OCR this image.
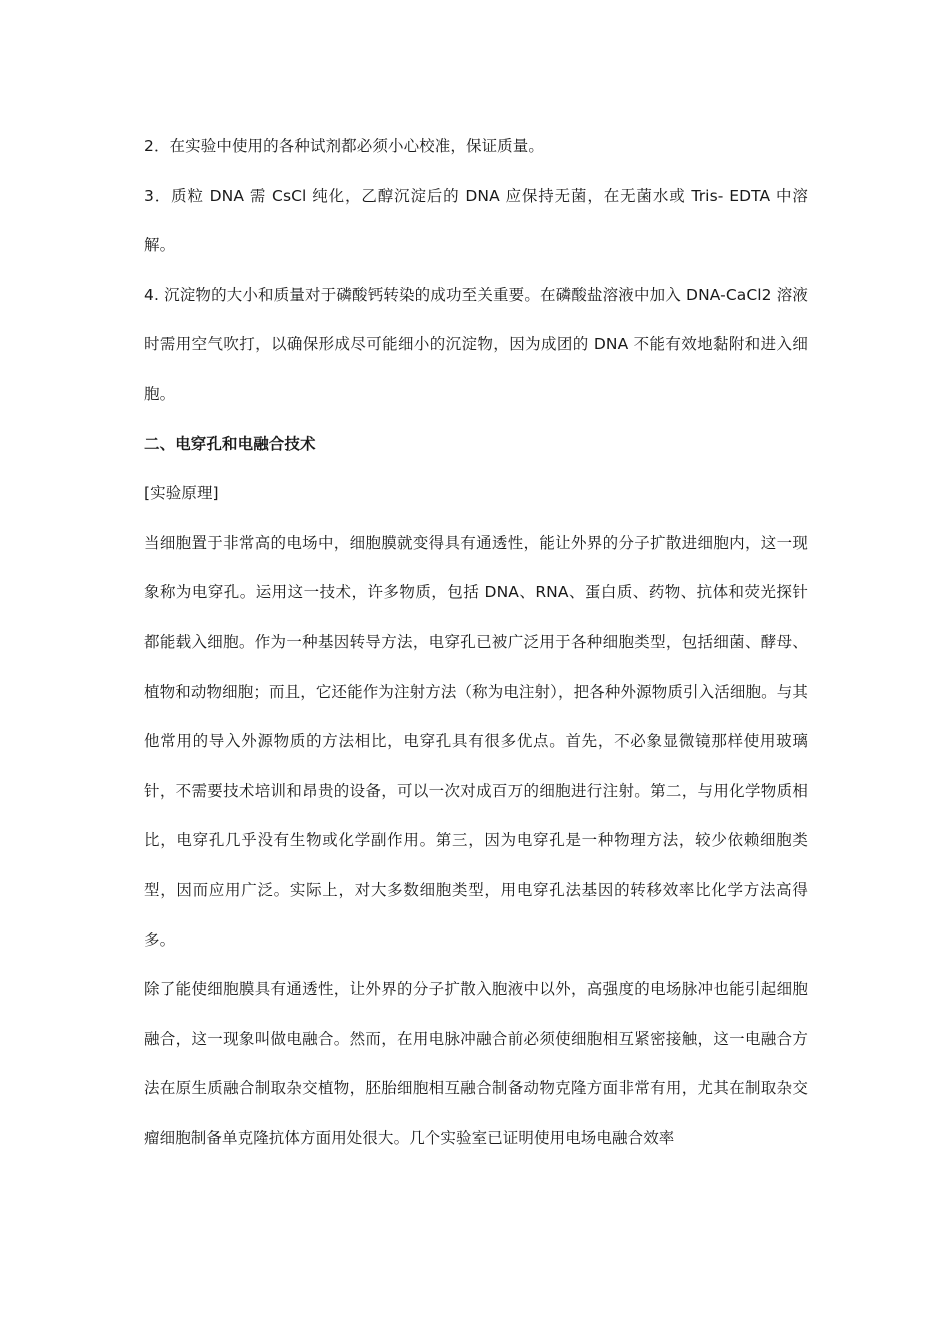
2．在实验中使用的各种试剂都必须小心校准，保证质量。

3．质粒 DNA 需 CsCl 纯化，乙醇沉淀后的 DNA 应保持无菌，在无菌水或 Tris- EDTA 中溶解。

4. 沉淀物的大小和质量对于磷酸钙转染的成功至关重要。在磷酸盐溶液中加入 DNA-CaCl2 溶液时需用空气吹打，以确保形成尽可能细小的沉淀物，因为成团的 DNA 不能有效地黏附和进入细胞。

二、电穿孔和电融合技术

[实验原理]

当细胞置于非常高的电场中，细胞膜就变得具有通透性，能让外界的分子扩散进细胞内，这一现象称为电穿孔。运用这一技术，许多物质，包括 DNA、RNA、蛋白质、药物、抗体和荧光探针都能载入细胞。作为一种基因转导方法，电穿孔已被广泛用于各种细胞类型，包括细菌、酵母、植物和动物细胞；而且，它还能作为注射方法（称为电注射），把各种外源物质引入活细胞。与其他常用的导入外源物质的方法相比，电穿孔具有很多优点。首先，不必象显微镜那样使用玻璃针，不需要技术培训和昂贵的设备，可以一次对成百万的细胞进行注射。第二，与用化学物质相比，电穿孔几乎没有生物或化学副作用。第三，因为电穿孔是一种物理方法，较少依赖细胞类型，因而应用广泛。实际上，对大多数细胞类型，用电穿孔法基因的转移效率比化学方法高得多。

除了能使细胞膜具有通透性，让外界的分子扩散入胞液中以外，高强度的电场脉冲也能引起细胞融合，这一现象叫做电融合。然而，在用电脉冲融合前必须使细胞相互紧密接触，这一电融合方法在原生质融合制取杂交植物，胚胎细胞相互融合制备动物克隆方面非常有用，尤其在制取杂交瘤细胞制备单克隆抗体方面用处很大。几个实验室已证明使用电场电融合效率
